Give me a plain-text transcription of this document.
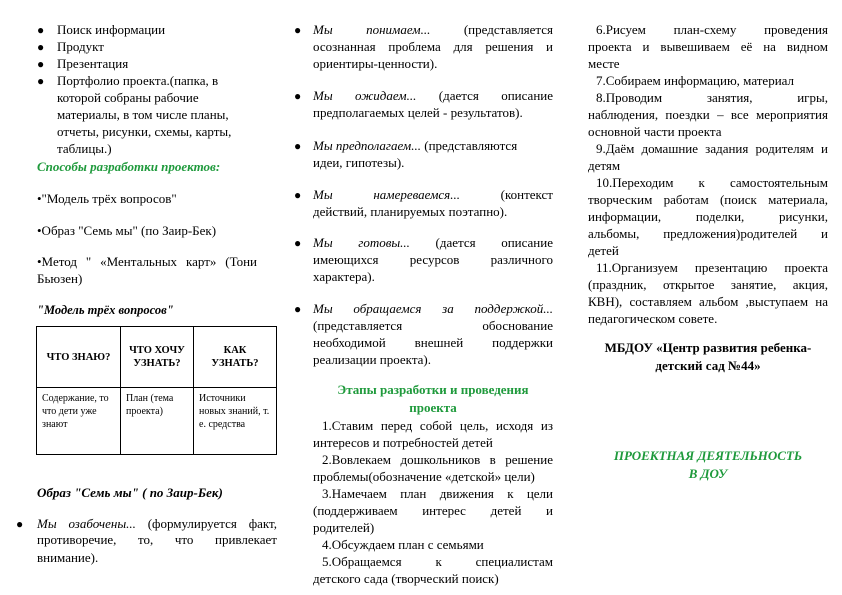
● Поиск информации
● Продукт
● Презентация
● Портфолио проекта.(папка, в
которой собраны рабочие
материалы, в том числе планы,
отчеты, рисунки, схемы, карты,
таблицы.)
Способы разработки проектов:
•"Модель трёх вопросов"
•Образ "Семь мы" (по Заир-Бек)
•Метод " «Ментальных карт» (Тони
Бьюзен)
"Модель трёх вопросов"
ЧТО ЗНАЮ?	ЧТО ХОЧУ УЗНАТЬ?	КАК УЗНАТЬ?
Содержание, то что дети уже знают	План (тема проекта)	Источники новых знаний, т. е. средства
Образ "Семь мы" ( по Заир-Бек)
● Мы озабочены... (формулируется факт,
противоречие, то, что привлекает
внимание).
● Мы понимаем...	(представляется
осознанная проблема для решения и
ориентиры-ценности).
● Мы ожидаем... (дается описание
предполагаемых целей - результатов).
● Мы предполагаем... (представляются
идеи, гипотезы).
● Мы намереваемся...	(контекст
действий, планируемых поэтапно).
● Мы готовы... (дается описание
имеющихся ресурсов различного
характера).
● Мы обращаемся за поддержкой...
(представляется обоснование
необходимой внешней поддержки
реализации проекта).
Этапы разработки и проведения
проекта
1.Ставим перед собой цель, исходя из
интересов и потребностей детей
2.Вовлекаем дошкольников в решение
проблемы(обозначение «детской» цели)
3.Намечаем план движения к цели
(поддерживаем интерес детей и
родителей)
4.Обсуждаем план с семьями
5.Обращаемся к специалистам
детского сада (творческий поиск)
6.Рисуем план-схему проведения
проекта и вывешиваем её на видном
месте
7.Собираем информацию, материал
8.Проводим занятия, игры,
наблюдения, поездки – все мероприятия
основной части проекта
9.Даём домашние задания родителям и
детям
10.Переходим к самостоятельным
творческим работам (поиск материала,
информации, поделки, рисунки,
альбомы, предложения)родителей и
детей
11.Организуем презентацию проекта
(праздник, открытое занятие, акция,
КВН), составляем альбом ,выступаем на
педагогическом совете.
МБДОУ «Центр развития ребенка-
детский сад №44»
ПРОЕКТНАЯ ДЕЯТЕЛЬНОСТЬ
В ДОУ
